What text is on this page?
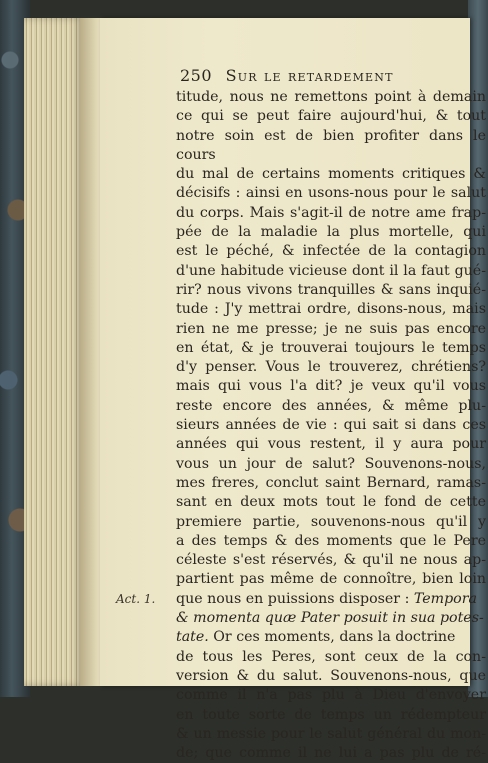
250 Sur le retardement
titude, nous ne remettons point à demain
ce qui se peut faire aujourd'hui, & tout
notre soin est de bien profiter dans le cours
du mal de certains moments critiques &
décisifs : ainsi en usons-nous pour le salut
du corps. Mais s'agit-il de notre ame frap-
pée de la maladie la plus mortelle, qui
est le péché, & infectée de la contagion
d'une habitude vicieuse dont il la faut gué-
rir? nous vivons tranquilles & sans inquié-
tude : J'y mettrai ordre, disons-nous, mais
rien ne me presse; je ne suis pas encore
en état, & je trouverai toujours le temps
d'y penser. Vous le trouverez, chrétiens?
mais qui vous l'a dit? je veux qu'il vous
reste encore des années, & même plu-
sieurs années de vie : qui sait si dans ces
années qui vous restent, il y aura pour
vous un jour de salut? Souvenons-nous,
mes freres, conclut saint Bernard, ramas-
sant en deux mots tout le fond de cette
premiere partie, souvenons-nous qu'il y
a des temps & des moments que le Pere
céleste s'est réservés, & qu'il ne nous ap-
partient pas même de connoître, bien loin
Act. 1. que nous en puissions disposer : Tempora
& momenta quæ Pater posuit in sua potes-
tate. Or ces moments, dans la doctrine
de tous les Peres, sont ceux de la con-
version & du salut. Souvenons-nous, que
comme il n'a pas plu à Dieu d'envoyer
en toute sorte de temps un rédempteur
& un messie pour le salut général du mon-
de; que comme il ne lui a pas plu de ré-
